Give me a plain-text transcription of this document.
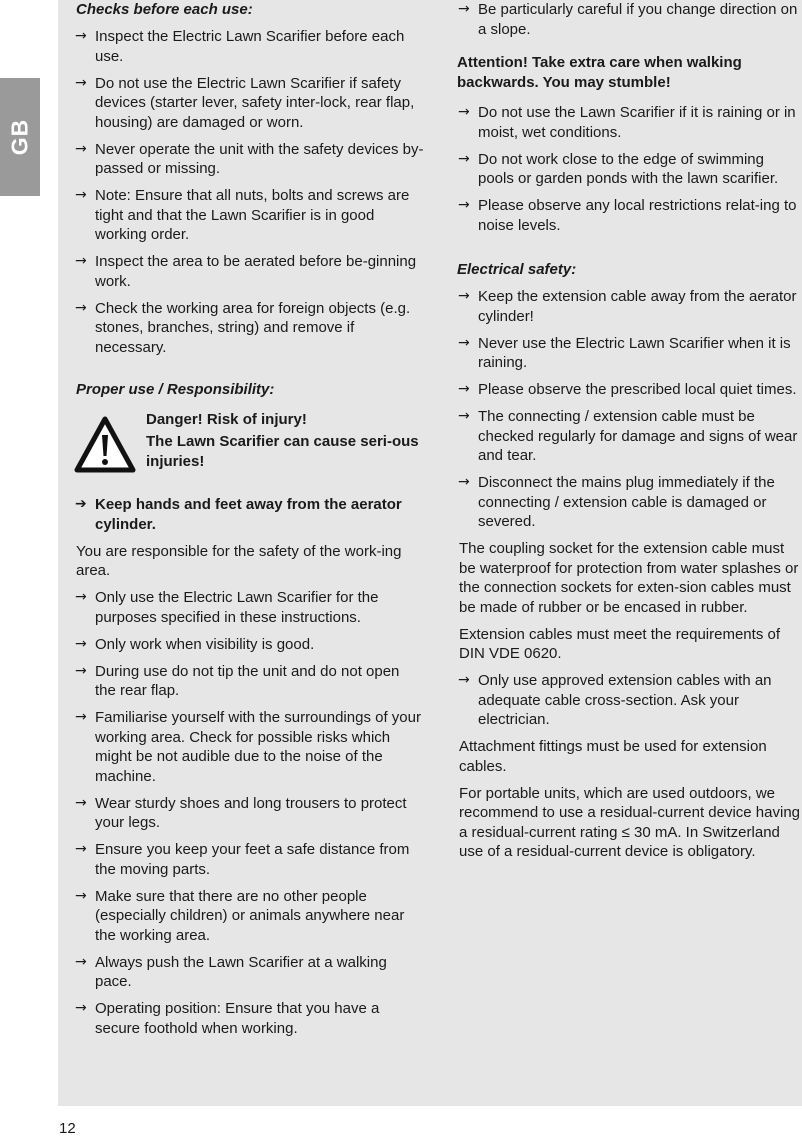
GB
12

Checks before each use:

→ Inspect the Electric Lawn Scarifier before each use.
→ Do not use the Electric Lawn Scarifier if safety devices (starter lever, safety inter-lock, rear flap, housing) are damaged or worn.
→ Never operate the unit with the safety devices by-passed or missing.
→ Note: Ensure that all nuts, bolts and screws are tight and that the Lawn Scarifier is in good working order.
→ Inspect the area to be aerated before be-ginning work.
→ Check the working area for foreign objects (e.g. stones, branches, string) and remove if necessary.

Proper use / Responsibility:

Danger! Risk of injury!
The Lawn Scarifier can cause seri-ous injuries!
➔ Keep hands and feet away from the aerator cylinder.

You are responsible for the safety of the work-ing area.

→ Only use the Electric Lawn Scarifier for the purposes specified in these instructions.
→ Only work when visibility is good.
→ During use do not tip the unit and do not open the rear flap.
→ Familiarise yourself with the surroundings of your working area. Check for possible risks which might be not audible due to the noise of the machine.
→ Wear sturdy shoes and long trousers to protect your legs.
→ Ensure you keep your feet a safe distance from the moving parts.
→ Make sure that there are no other people (especially children) or animals anywhere near the working area.
→ Always push the Lawn Scarifier at a walking pace.
→ Operating position: Ensure that you have a secure foothold when working.
→ Be particularly careful if you change direction on a slope.

Attention! Take extra care when walking backwards. You may stumble!

→ Do not use the Lawn Scarifier if it is raining or in moist, wet conditions.
→ Do not work close to the edge of swimming pools or garden ponds with the lawn scarifier.
→ Please observe any local restrictions relat-ing to noise levels.

Electrical safety:

→ Keep the extension cable away from the aerator cylinder!
→ Never use the Electric Lawn Scarifier when it is raining.
→ Please observe the prescribed local quiet times.
→ The connecting / extension cable must be checked regularly for damage and signs of wear and tear.
→ Disconnect the mains plug immediately if the connecting / extension cable is damaged or severed.

The coupling socket for the extension cable must be waterproof for protection from water splashes or the connection sockets for exten-sion cables must be made of rubber or be encased in rubber.

Extension cables must meet the requirements of DIN VDE 0620.

→ Only use approved extension cables with an adequate cable cross-section. Ask your electrician.

Attachment fittings must be used for extension cables.

For portable units, which are used outdoors, we recommend to use a residual-current device having a residual-current rating ≤ 30 mA. In Switzerland use of a residual-current device is obligatory.
